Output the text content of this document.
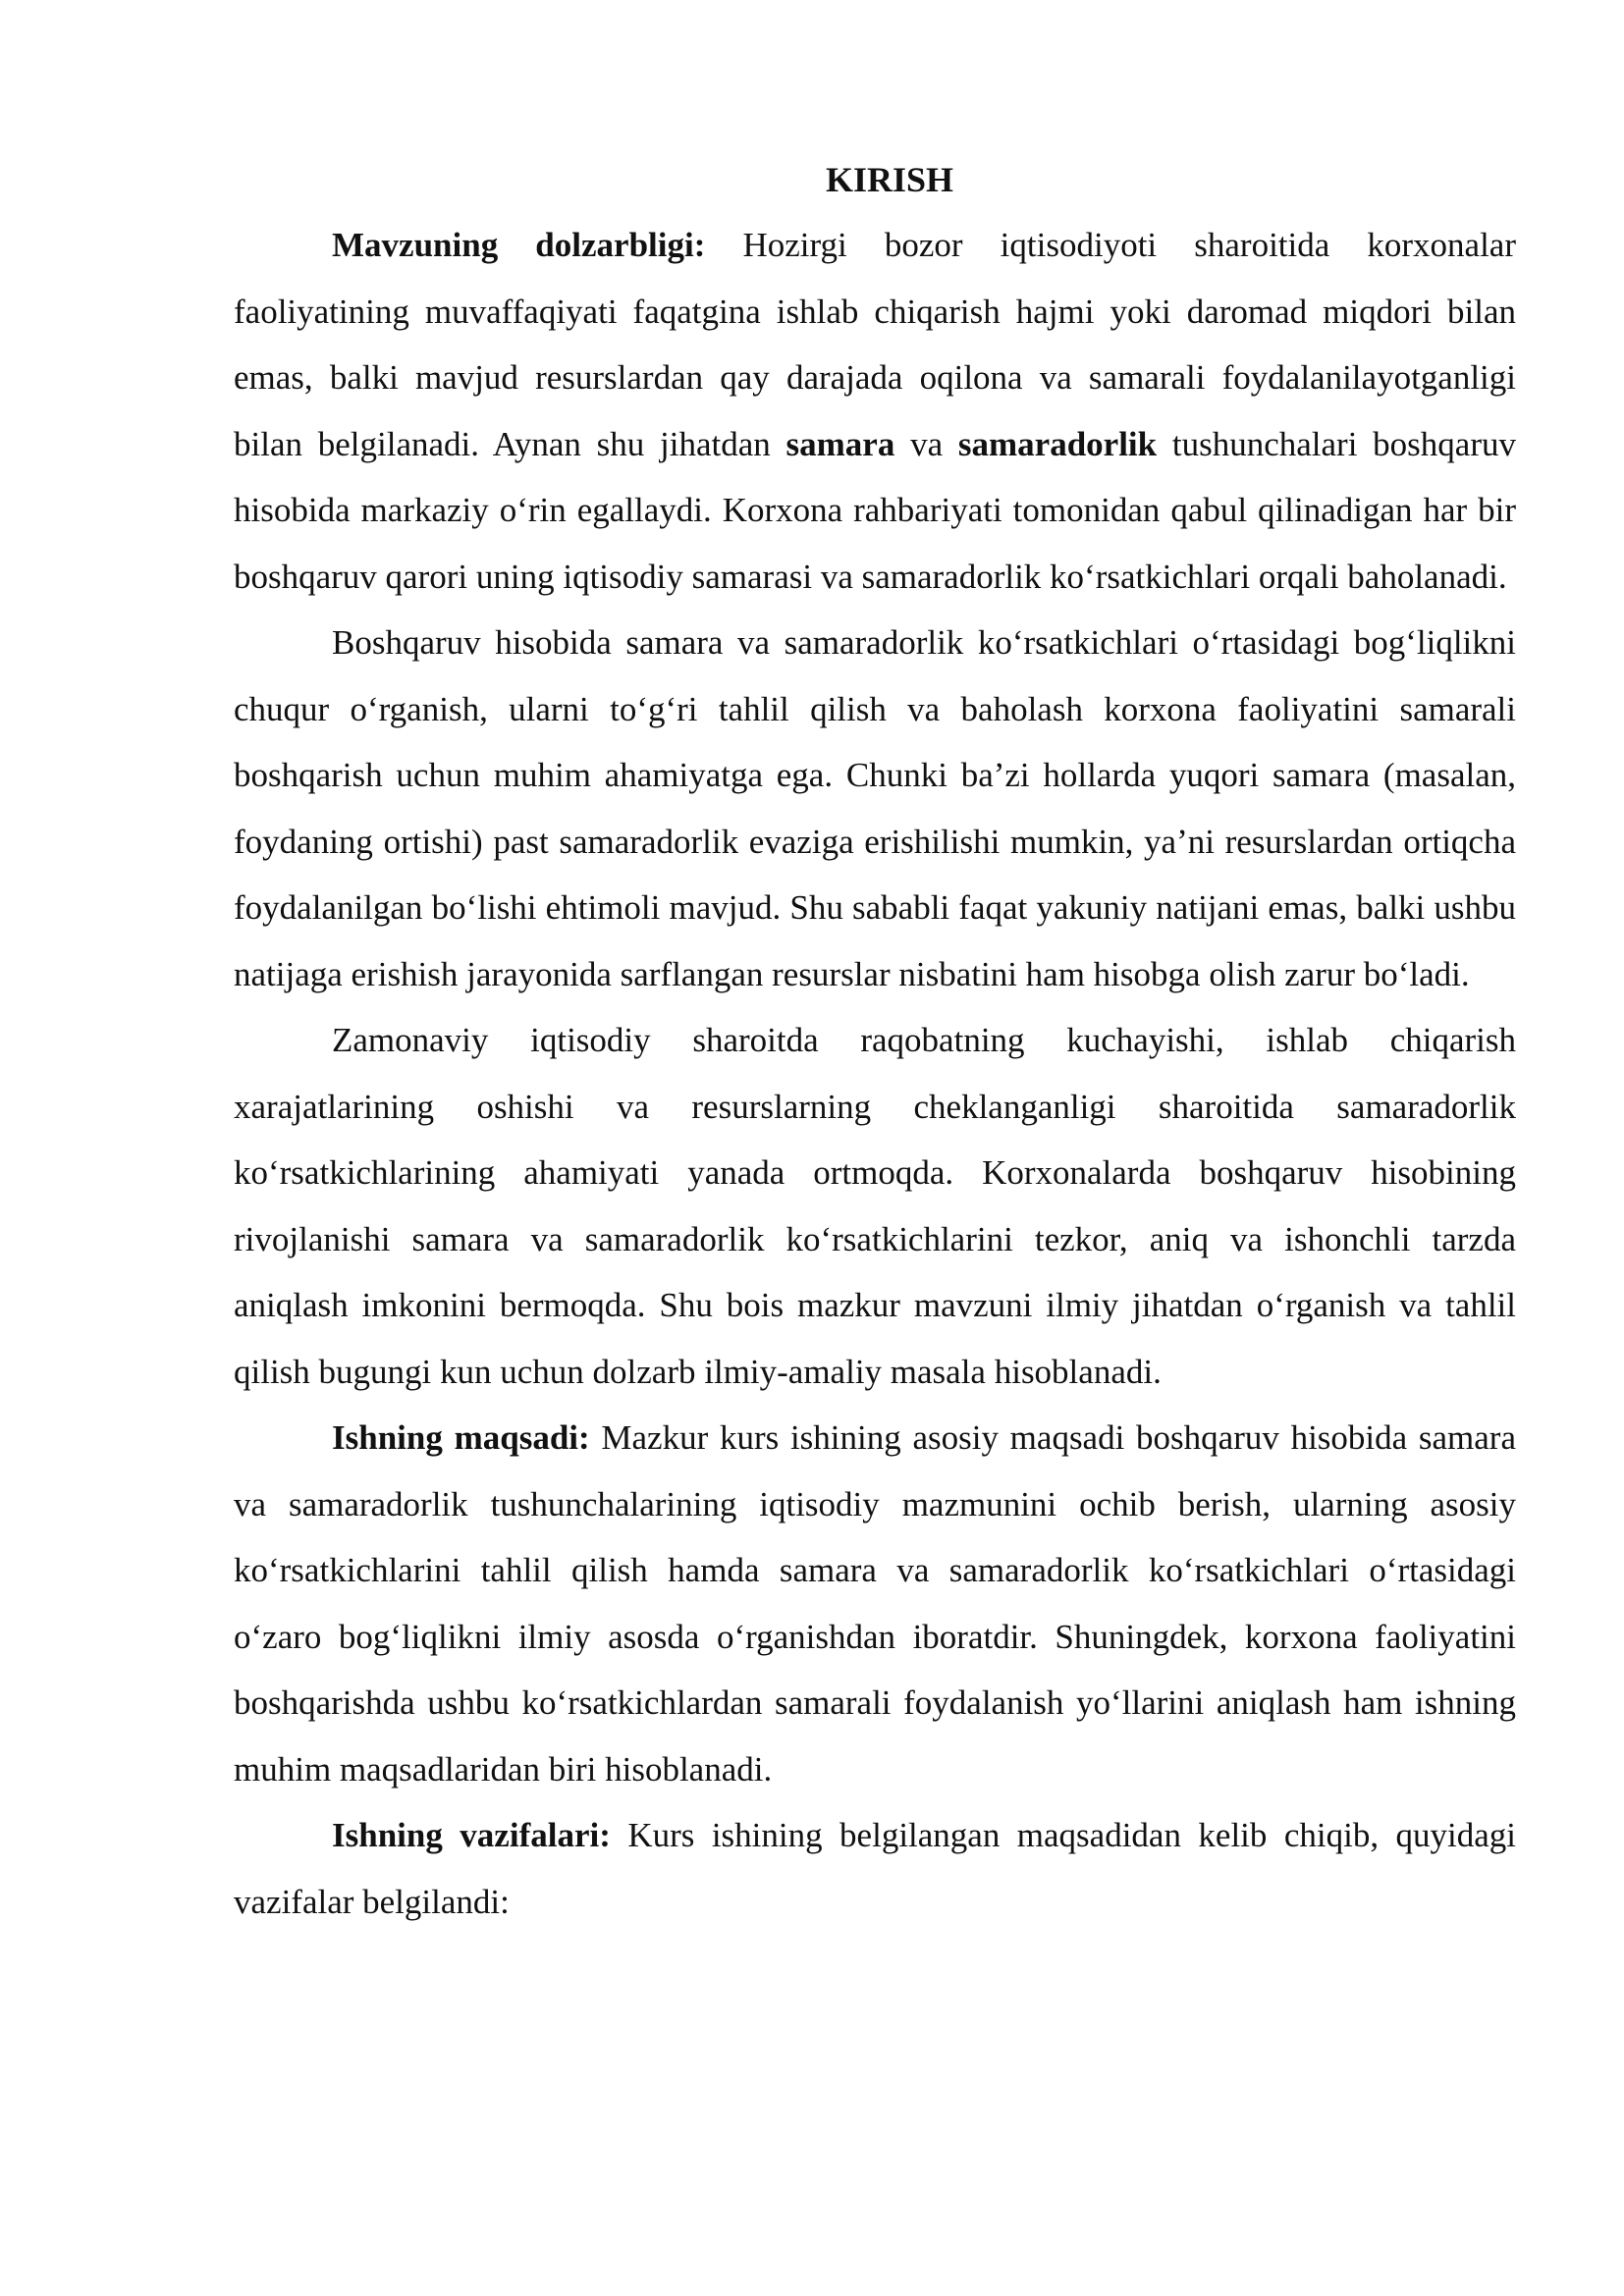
KIRISH

Mavzuning dolzarbligi: Hozirgi bozor iqtisodiyoti sharoitida korxonalar faoliyatining muvaffaqiyati faqatgina ishlab chiqarish hajmi yoki daromad miqdori bilan emas, balki mavjud resurslardan qay darajada oqilona va samarali foydalanilayotganligi bilan belgilanadi. Aynan shu jihatdan samara va samaradorlik tushunchalari boshqaruv hisobida markaziy oʻrin egallaydi. Korxona rahbariyati tomonidan qabul qilinadigan har bir boshqaruv qarori uning iqtisodiy samarasi va samaradorlik koʻrsatkichlari orqali baholanadi.

Boshqaruv hisobida samara va samaradorlik koʻrsatkichlari oʻrtasidagi bogʻliqlikni chuqur oʻrganish, ularni toʻgʻri tahlil qilish va baholash korxona faoliyatini samarali boshqarish uchun muhim ahamiyatga ega. Chunki baʼzi hollarda yuqori samara (masalan, foydaning ortishi) past samaradorlik evaziga erishilishi mumkin, yaʼni resurslardan ortiqcha foydalanilgan boʻlishi ehtimoli mavjud. Shu sababli faqat yakuniy natijani emas, balki ushbu natijaga erishish jarayonida sarflangan resurslar nisbatini ham hisobga olish zarur boʻladi.

Zamonaviy iqtisodiy sharoitda raqobatning kuchayishi, ishlab chiqarish xarajatlarining oshishi va resurslarning cheklanganligi sharoitida samaradorlik koʻrsatkichlarining ahamiyati yanada ortmoqda. Korxonalarda boshqaruv hisobining rivojlanishi samara va samaradorlik koʻrsatkichlarini tezkor, aniq va ishonchli tarzda aniqlash imkonini bermoqda. Shu bois mazkur mavzuni ilmiy jihatdan oʻrganish va tahlil qilish bugungi kun uchun dolzarb ilmiy-amaliy masala hisoblanadi.

Ishning maqsadi: Mazkur kurs ishining asosiy maqsadi boshqaruv hisobida samara va samaradorlik tushunchalarining iqtisodiy mazmunini ochib berish, ularning asosiy koʻrsatkichlarini tahlil qilish hamda samara va samaradorlik koʻrsatkichlari oʻrtasidagi oʻzaro bogʻliqlikni ilmiy asosda oʻrganishdan iboratdir. Shuningdek, korxona faoliyatini boshqarishda ushbu koʻrsatkichlardan samarali foydalanish yoʻllarini aniqlash ham ishning muhim maqsadlaridan biri hisoblanadi.

Ishning vazifalari: Kurs ishining belgilangan maqsadidan kelib chiqib, quyidagi vazifalar belgilandi:
